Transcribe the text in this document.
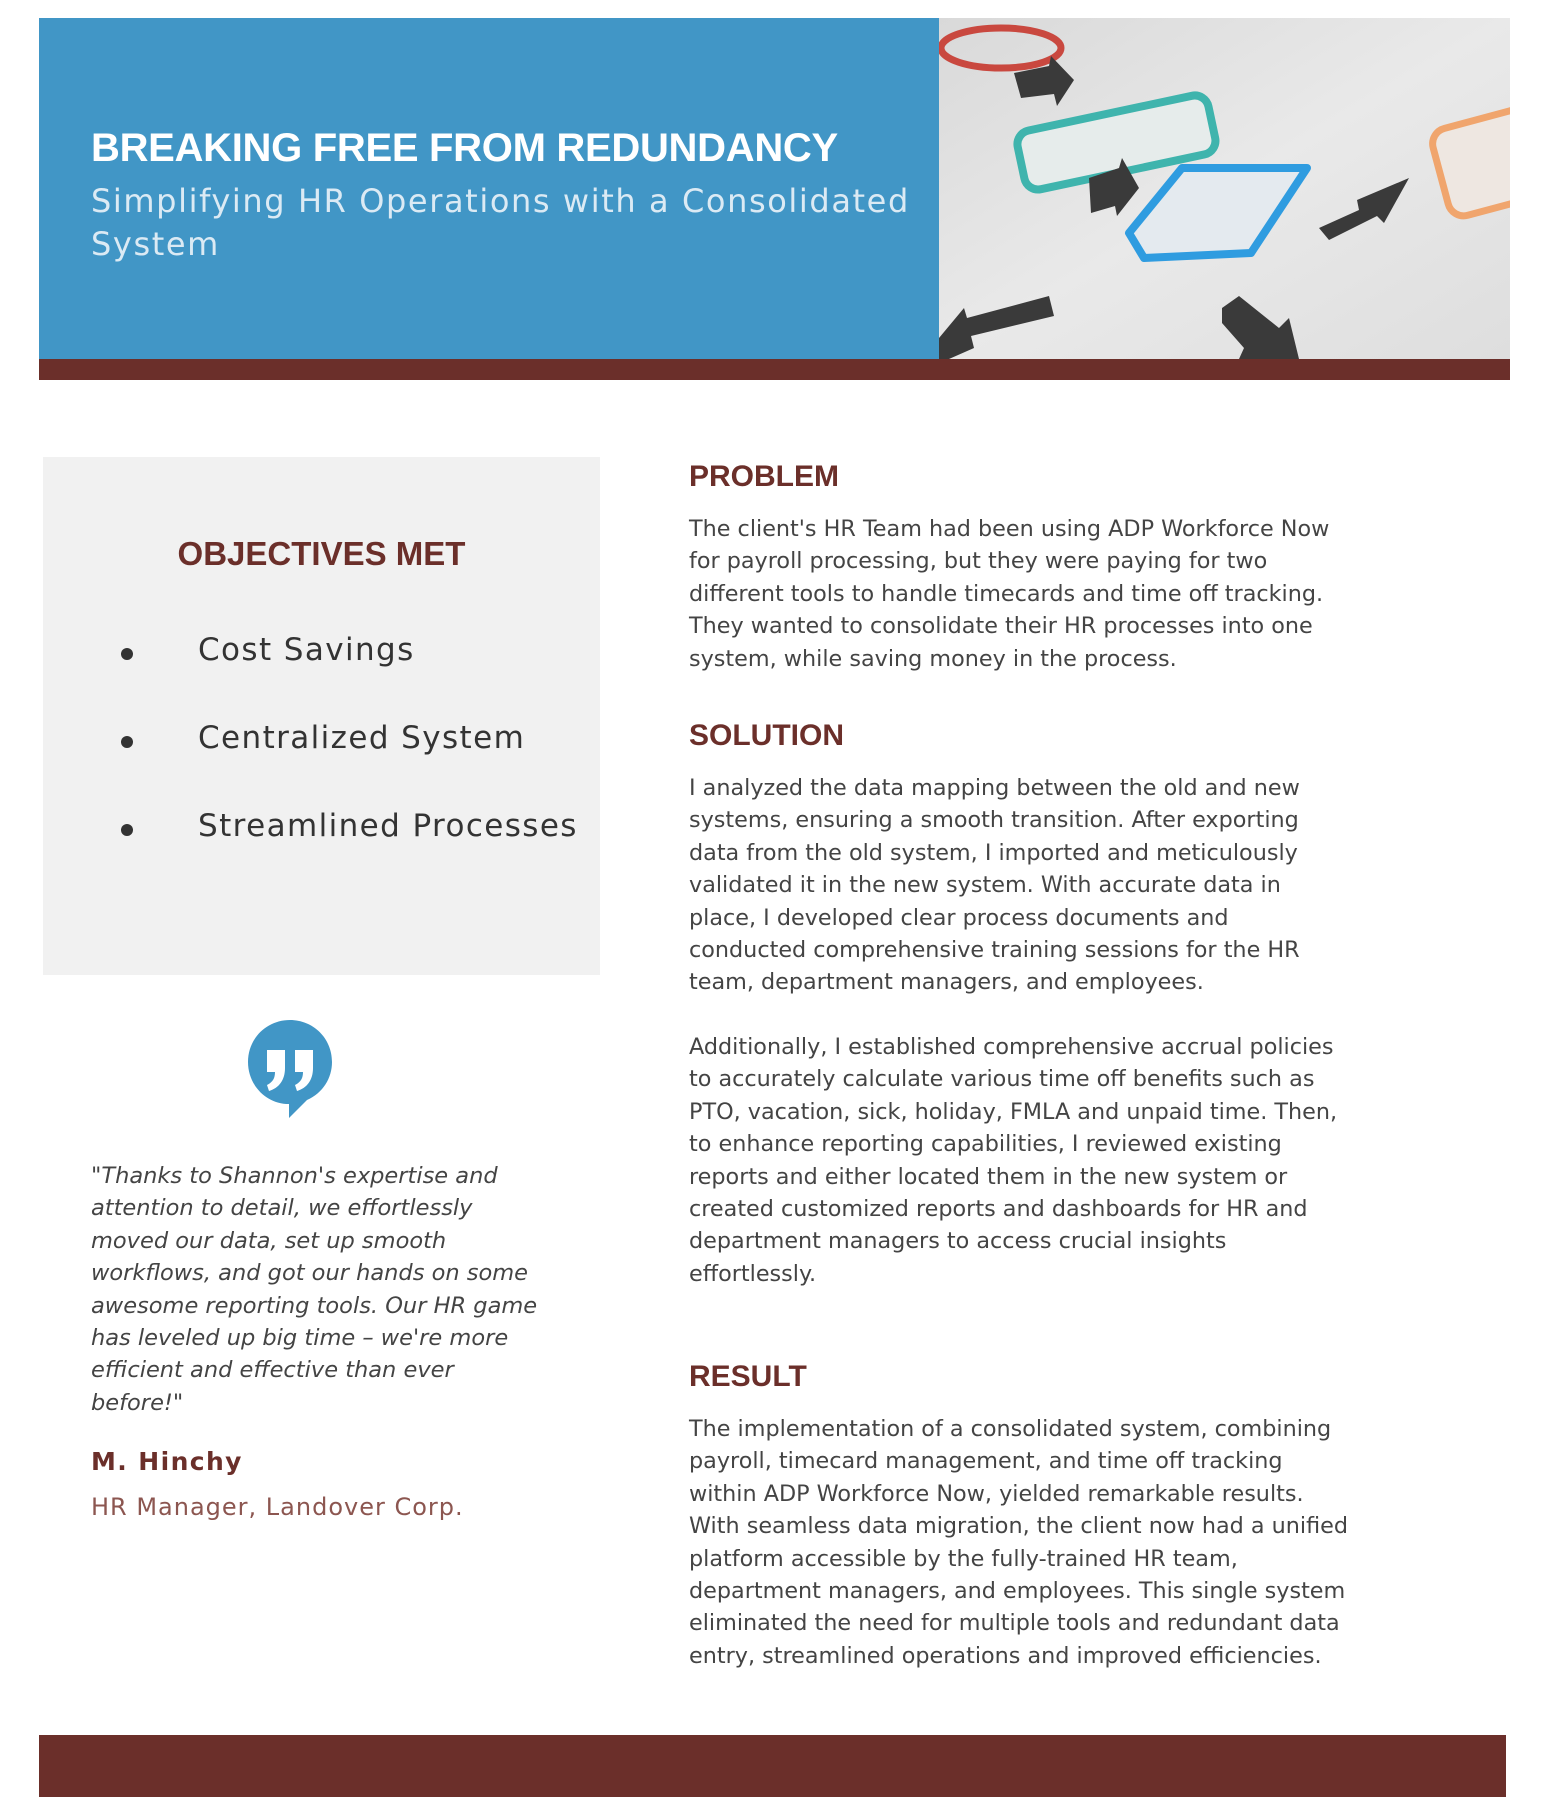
BREAKING FREE FROM REDUNDANCY

Simplifying HR Operations with a Consolidated System

OBJECTIVES MET
Cost Savings
Centralized System
Streamlined Processes

"Thanks to Shannon's expertise and attention to detail, we effortlessly moved our data, set up smooth workflows, and got our hands on some awesome reporting tools. Our HR game has leveled up big time – we're more efficient and effective than ever before!"

M. Hinchy

HR Manager, Landover Corp.

PROBLEM

The client's HR Team had been using ADP Workforce Now for payroll processing, but they were paying for two different tools to handle timecards and time off tracking. They wanted to consolidate their HR processes into one system, while saving money in the process.

SOLUTION

I analyzed the data mapping between the old and new systems, ensuring a smooth transition. After exporting data from the old system, I imported and meticulously validated it in the new system. With accurate data in place, I developed clear process documents and conducted comprehensive training sessions for the HR team, department managers, and employees.

Additionally, I established comprehensive accrual policies to accurately calculate various time off benefits such as PTO, vacation, sick, holiday, FMLA and unpaid time. Then, to enhance reporting capabilities, I reviewed existing reports and either located them in the new system or created customized reports and dashboards for HR and department managers to access crucial insights effortlessly.

RESULT

The implementation of a consolidated system, combining payroll, timecard management, and time off tracking within ADP Workforce Now, yielded remarkable results. With seamless data migration, the client now had a unified platform accessible by the fully-trained HR team, department managers, and employees. This single system eliminated the need for multiple tools and redundant data entry, streamlined operations and improved efficiencies.
